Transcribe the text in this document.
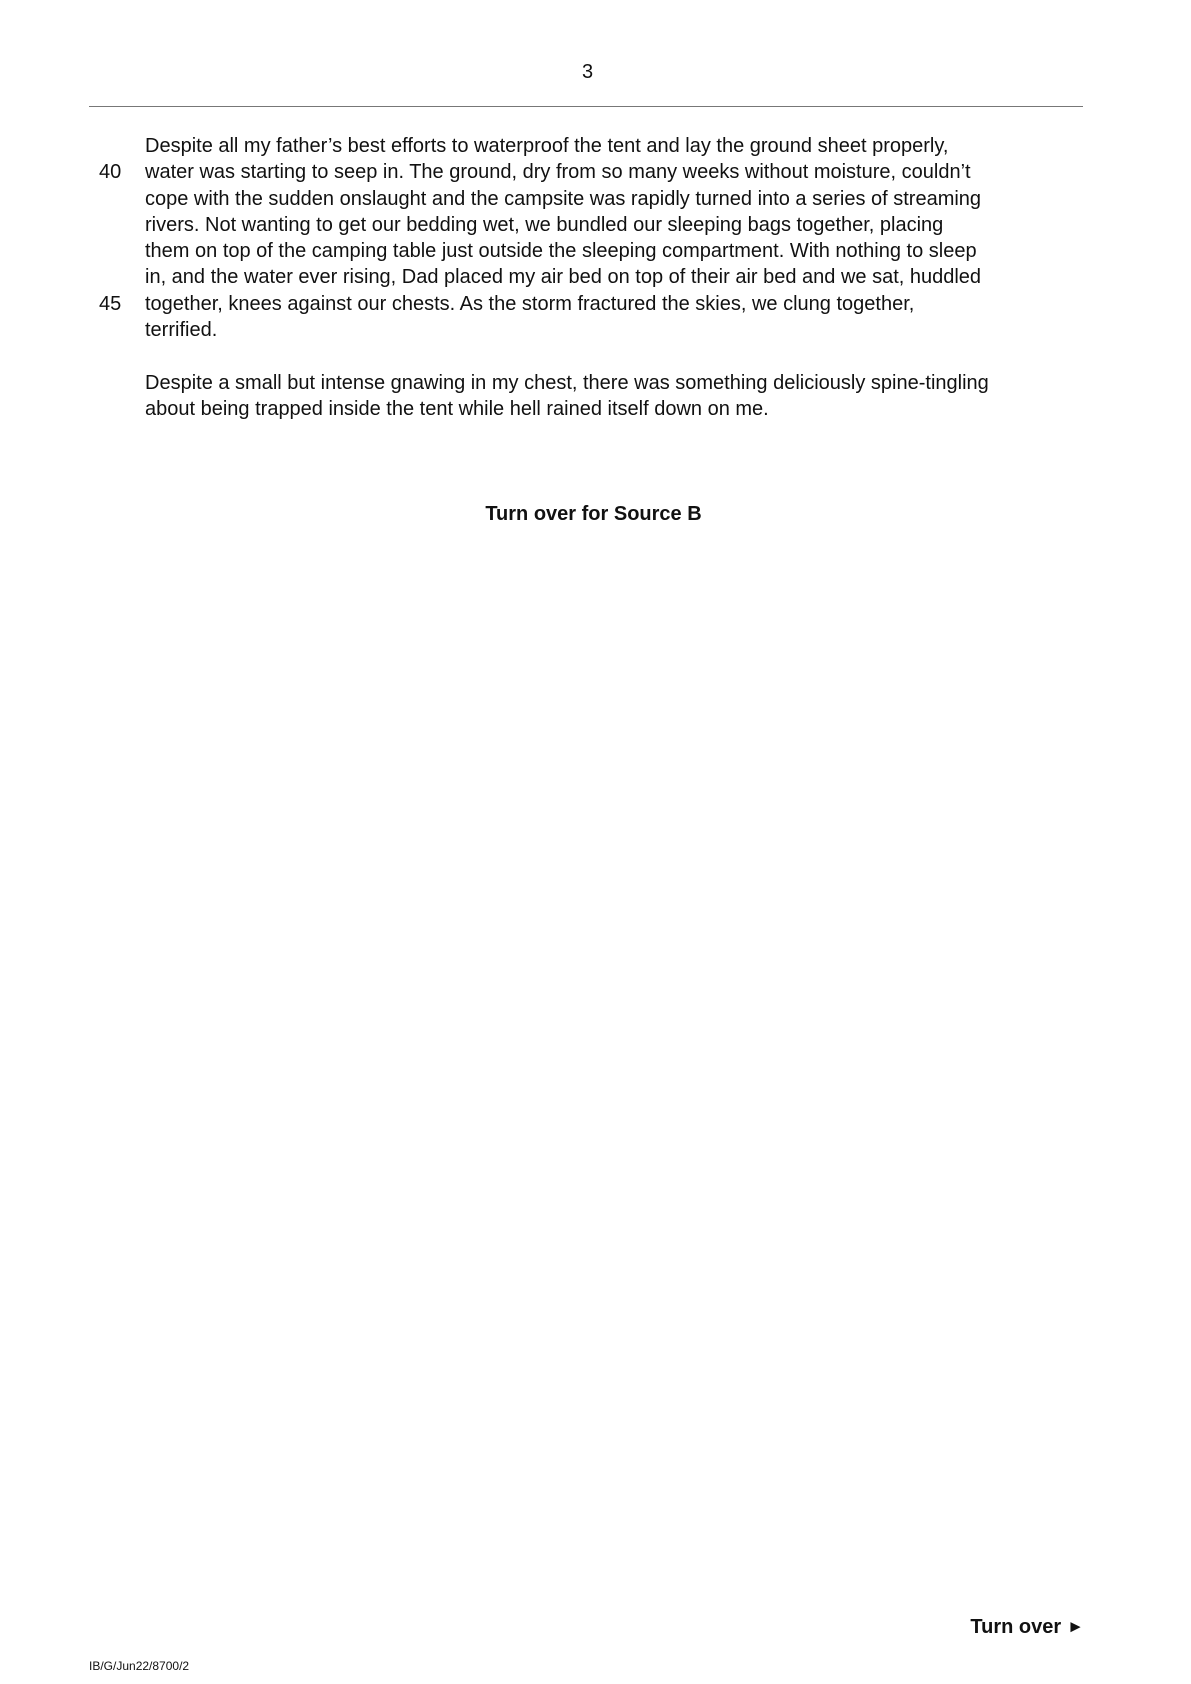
3
Despite all my father’s best efforts to waterproof the tent and lay the ground sheet properly,
40	water was starting to seep in. The ground, dry from so many weeks without moisture, couldn’t
cope with the sudden onslaught and the campsite was rapidly turned into a series of streaming
rivers. Not wanting to get our bedding wet, we bundled our sleeping bags together, placing
them on top of the camping table just outside the sleeping compartment. With nothing to sleep
in, and the water ever rising, Dad placed my air bed on top of their air bed and we sat, huddled
45	together, knees against our chests. As the storm fractured the skies, we clung together,
terrified.
Despite a small but intense gnawing in my chest, there was something deliciously spine-tingling
about being trapped inside the tent while hell rained itself down on me.
Turn over for Source B
Turn over ►
IB/G/Jun22/8700/2
